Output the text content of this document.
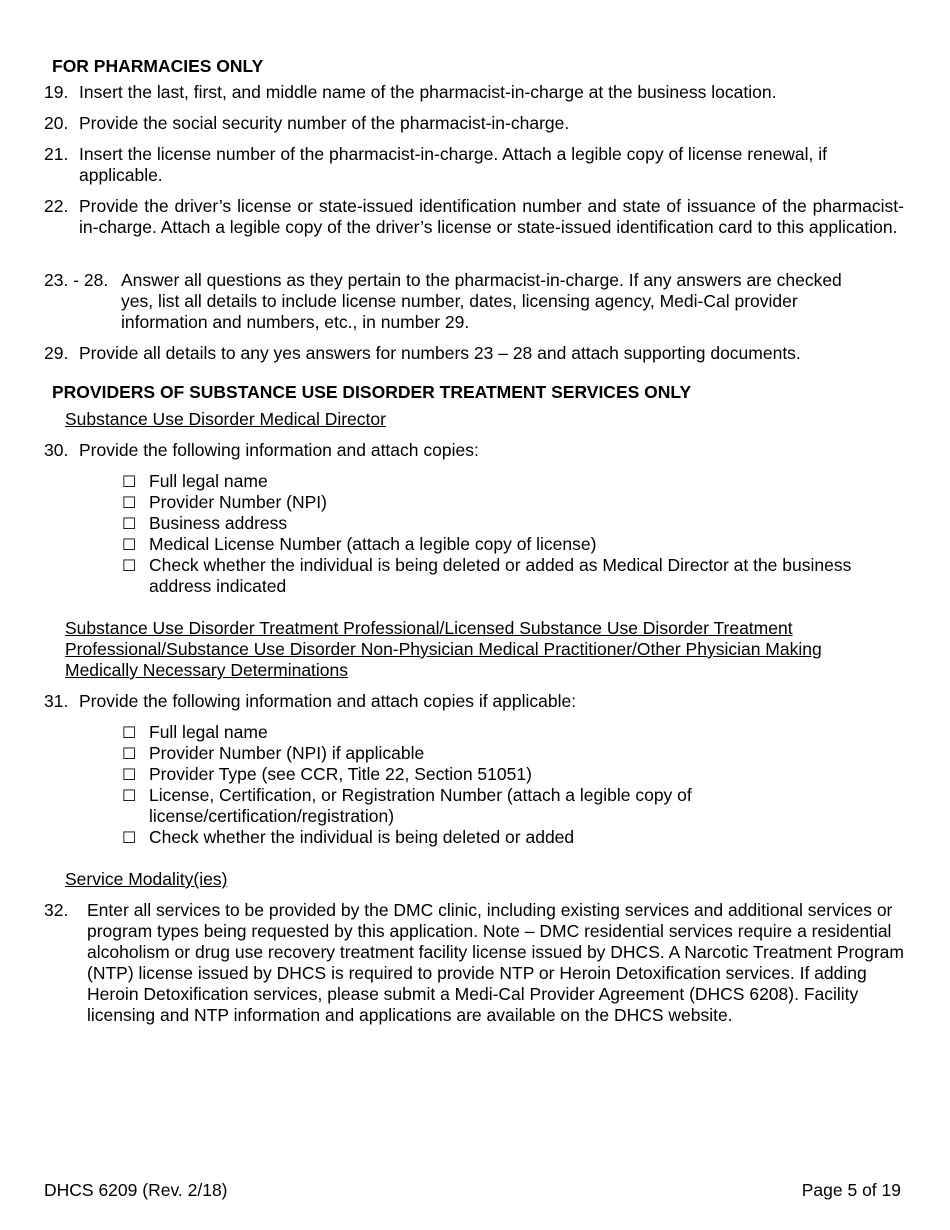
FOR PHARMACIES ONLY
19. Insert the last, first, and middle name of the pharmacist-in-charge at the business location.
20. Provide the social security number of the pharmacist-in-charge.
21. Insert the license number of the pharmacist-in-charge. Attach a legible copy of license renewal, if applicable.
22. Provide the driver’s license or state-issued identification number and state of issuance of the pharmacist-in-charge. Attach a legible copy of the driver’s license or state-issued identification card to this application.
23. - 28. Answer all questions as they pertain to the pharmacist-in-charge. If any answers are checked yes, list all details to include license number, dates, licensing agency, Medi-Cal provider information and numbers, etc., in number 29.
29. Provide all details to any yes answers for numbers 23 – 28 and attach supporting documents.
PROVIDERS OF SUBSTANCE USE DISORDER TREATMENT SERVICES ONLY
Substance Use Disorder Medical Director
30. Provide the following information and attach copies:
☐ Full legal name
☐ Provider Number (NPI)
☐ Business address
☐ Medical License Number (attach a legible copy of license)
☐ Check whether the individual is being deleted or added as Medical Director at the business address indicated
Substance Use Disorder Treatment Professional/Licensed Substance Use Disorder Treatment Professional/Substance Use Disorder Non-Physician Medical Practitioner/Other Physician Making Medically Necessary Determinations
31. Provide the following information and attach copies if applicable:
☐ Full legal name
☐ Provider Number (NPI) if applicable
☐ Provider Type (see CCR, Title 22, Section 51051)
☐ License, Certification, or Registration Number (attach a legible copy of license/certification/registration)
☐ Check whether the individual is being deleted or added
Service Modality(ies)
32.	Enter all services to be provided by the DMC clinic, including existing services and additional services or program types being requested by this application. Note – DMC residential services require a residential alcoholism or drug use recovery treatment facility license issued by DHCS. A Narcotic Treatment Program (NTP) license issued by DHCS is required to provide NTP or Heroin Detoxification services. If adding Heroin Detoxification services, please submit a Medi-Cal Provider Agreement (DHCS 6208). Facility licensing and NTP information and applications are available on the DHCS website.
DHCS 6209 (Rev. 2/18)	Page 5 of 19
